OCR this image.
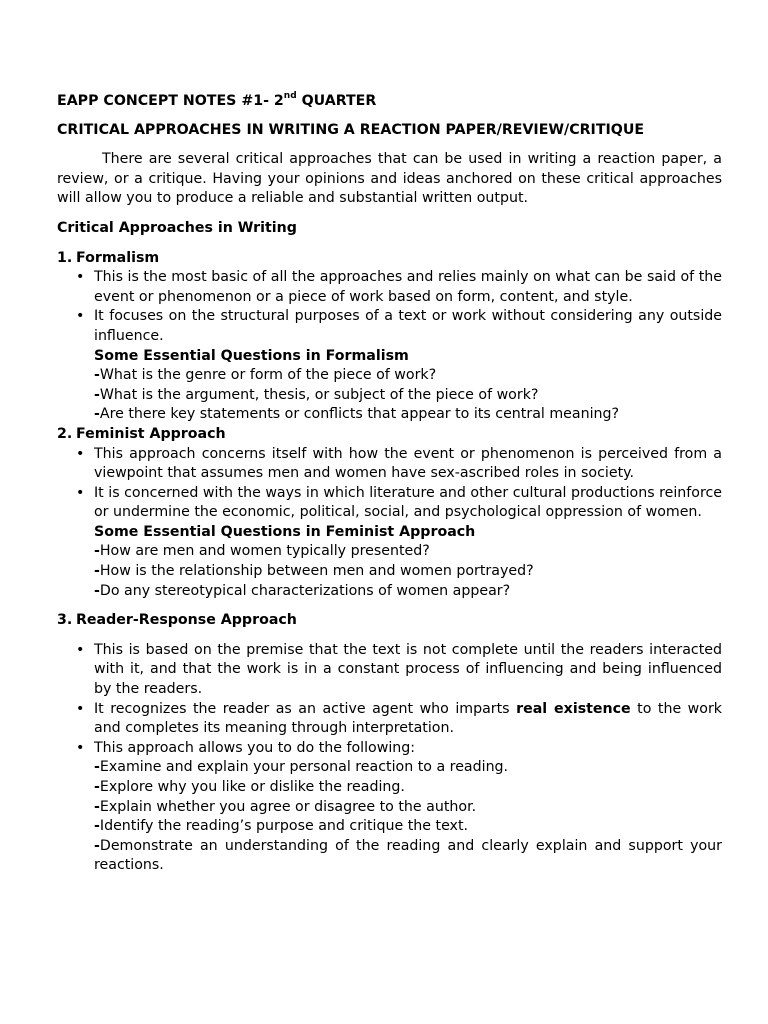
EAPP CONCEPT NOTES #1- 2nd QUARTER
CRITICAL APPROACHES IN WRITING A REACTION PAPER/REVIEW/CRITIQUE

There are several critical approaches that can be used in writing a reaction paper, a review, or a critique. Having your opinions and ideas anchored on these critical approaches will allow you to produce a reliable and substantial written output.

Critical Approaches in Writing
1. Formalism
• This is the most basic of all the approaches and relies mainly on what can be said of the event or phenomenon or a piece of work based on form, content, and style.
• It focuses on the structural purposes of a text or work without considering any outside influence.
Some Essential Questions in Formalism
-What is the genre or form of the piece of work?
-What is the argument, thesis, or subject of the piece of work?
-Are there key statements or conflicts that appear to its central meaning?
2. Feminist Approach
• This approach concerns itself with how the event or phenomenon is perceived from a viewpoint that assumes men and women have sex-ascribed roles in society.
• It is concerned with the ways in which literature and other cultural productions reinforce or undermine the economic, political, social, and psychological oppression of women.
Some Essential Questions in Feminist Approach
-How are men and women typically presented?
-How is the relationship between men and women portrayed?
-Do any stereotypical characterizations of women appear?
3. Reader-Response Approach
• This is based on the premise that the text is not complete until the readers interacted with it, and that the work is in a constant process of influencing and being influenced by the readers.
• It recognizes the reader as an active agent who imparts real existence to the work and completes its meaning through interpretation.
• This approach allows you to do the following:
-Examine and explain your personal reaction to a reading.
-Explore why you like or dislike the reading.
-Explain whether you agree or disagree to the author.
-Identify the reading’s purpose and critique the text.
-Demonstrate an understanding of the reading and clearly explain and support your reactions.
